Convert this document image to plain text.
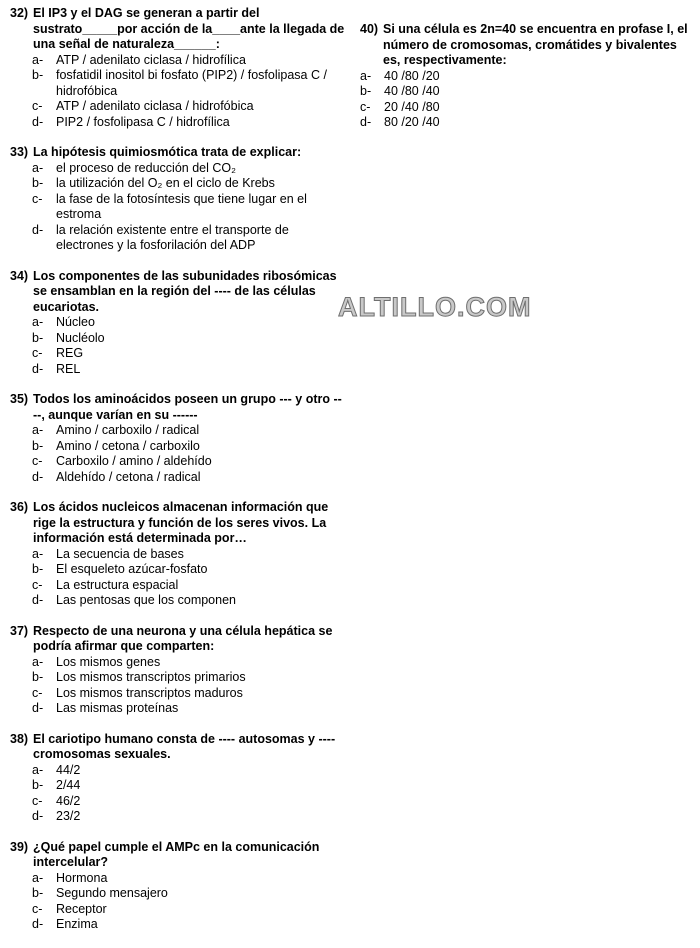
32) El IP3 y el DAG se generan a partir del sustrato_____por acción de la____ante la llegada de una señal de naturaleza______:
a-	ATP / adenilato ciclasa / hidrofílica
b-	fosfatidil inositol bi fosfato (PIP2) / fosfolipasa C / hidrofóbica
c-	ATP / adenilato ciclasa / hidrofóbica
d-	PIP2 / fosfolipasa C / hidrofílica
33) La hipótesis quimiosmótica trata de explicar:
a-	el proceso de reducción del CO₂
b-	la utilización del O₂ en el ciclo de Krebs
c-	la fase de la fotosíntesis que tiene lugar en el estroma
d-	la relación existente entre el transporte de electrones y la fosforilación del ADP
34) Los componentes de las subunidades ribosómicas se ensamblan en la región del ---- de las células eucariotas.
a-	Núcleo
b-	Nucléolo
c-	REG
d-	REL
35) Todos los aminoácidos poseen un grupo --- y otro ----, aunque varían en su ------
a-	Amino / carboxilo / radical
b-	Amino / cetona / carboxilo
c-	Carboxilo / amino / aldehído
d-	Aldehído / cetona / radical
36) Los ácidos nucleicos almacenan información que rige la estructura y función de los seres vivos. La información está determinada por…
a-	La secuencia de bases
b-	El esqueleto azúcar-fosfato
c-	La estructura espacial
d-	Las pentosas que los componen
37) Respecto de una neurona y una célula hepática se podría afirmar que comparten:
a-	Los mismos genes
b-	Los mismos transcriptos primarios
c-	Los mismos transcriptos maduros
d-	Las mismas proteínas
38) El cariotipo humano consta de ---- autosomas y ----cromosomas sexuales.
a-	44/2
b-	2/44
c-	46/2
d-	23/2
39) ¿Qué papel cumple el AMPc en la comunicación intercelular?
a-	Hormona
b-	Segundo mensajero
c-	Receptor
d-	Enzima
40) Si una célula es 2n=40 se encuentra en profase I, el número de cromosomas, cromátides y bivalentes es, respectivamente:
a-	40 /80 /20
b-	40 /80 /40
c-	20 /40 /80
d-	80 /20 /40
ALTILLO.COM
